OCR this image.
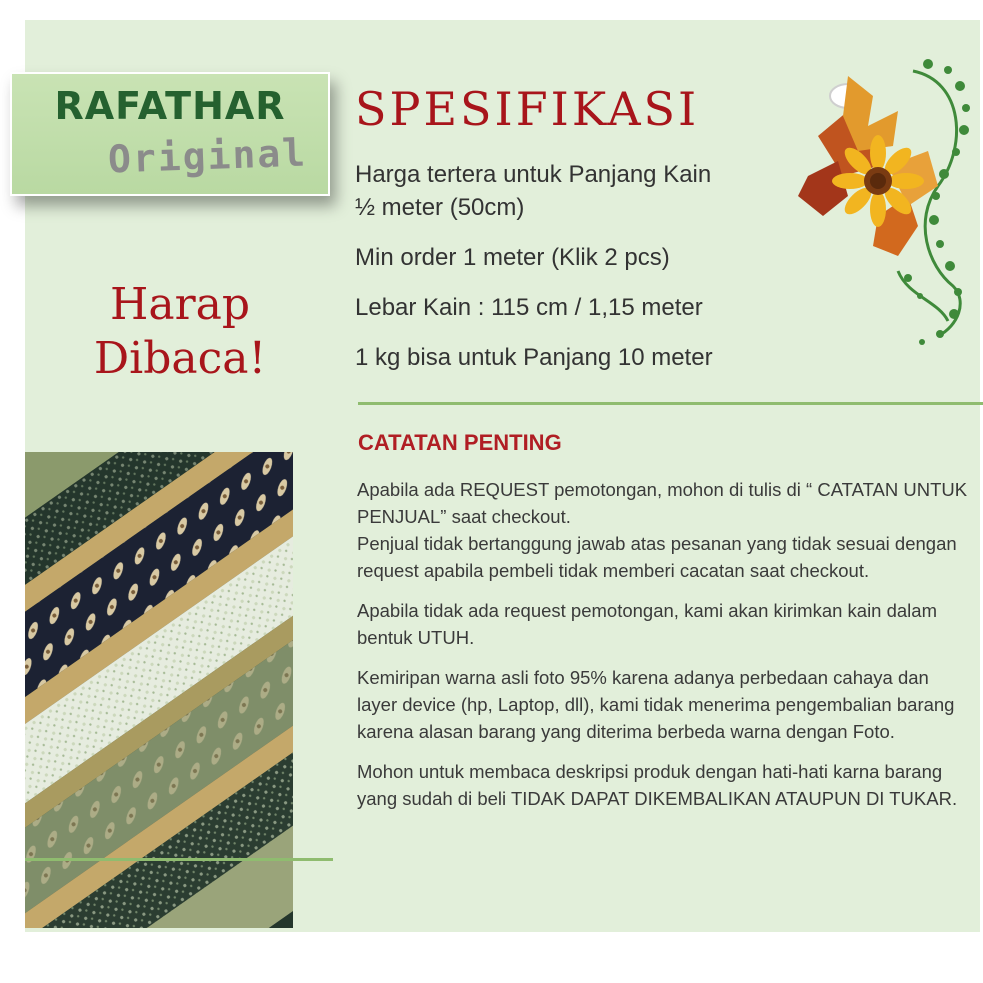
RAFATHAR
Original
Harap
Dibaca!
SPESIFIKASI
Harga tertera untuk Panjang Kain
½ meter (50cm)
Min order 1 meter (Klik 2 pcs)
Lebar Kain : 115 cm / 1,15 meter
1 kg bisa untuk Panjang 10 meter
CATATAN PENTING

Apabila ada REQUEST pemotongan, mohon di tulis di “ CATATAN UNTUK PENJUAL” saat checkout.
Penjual tidak bertanggung jawab atas pesanan yang tidak sesuai dengan request apabila pembeli tidak memberi cacatan saat checkout.

Apabila tidak ada request pemotongan, kami akan kirimkan kain dalam bentuk UTUH.

Kemiripan warna asli foto 95% karena adanya perbedaan cahaya dan layer device (hp, Laptop, dll), kami tidak menerima pengembalian barang karena alasan barang yang diterima berbeda warna dengan Foto.

Mohon untuk membaca deskripsi produk dengan hati-hati karna barang yang sudah di beli TIDAK DAPAT DIKEMBALIKAN ATAUPUN DI TUKAR.
